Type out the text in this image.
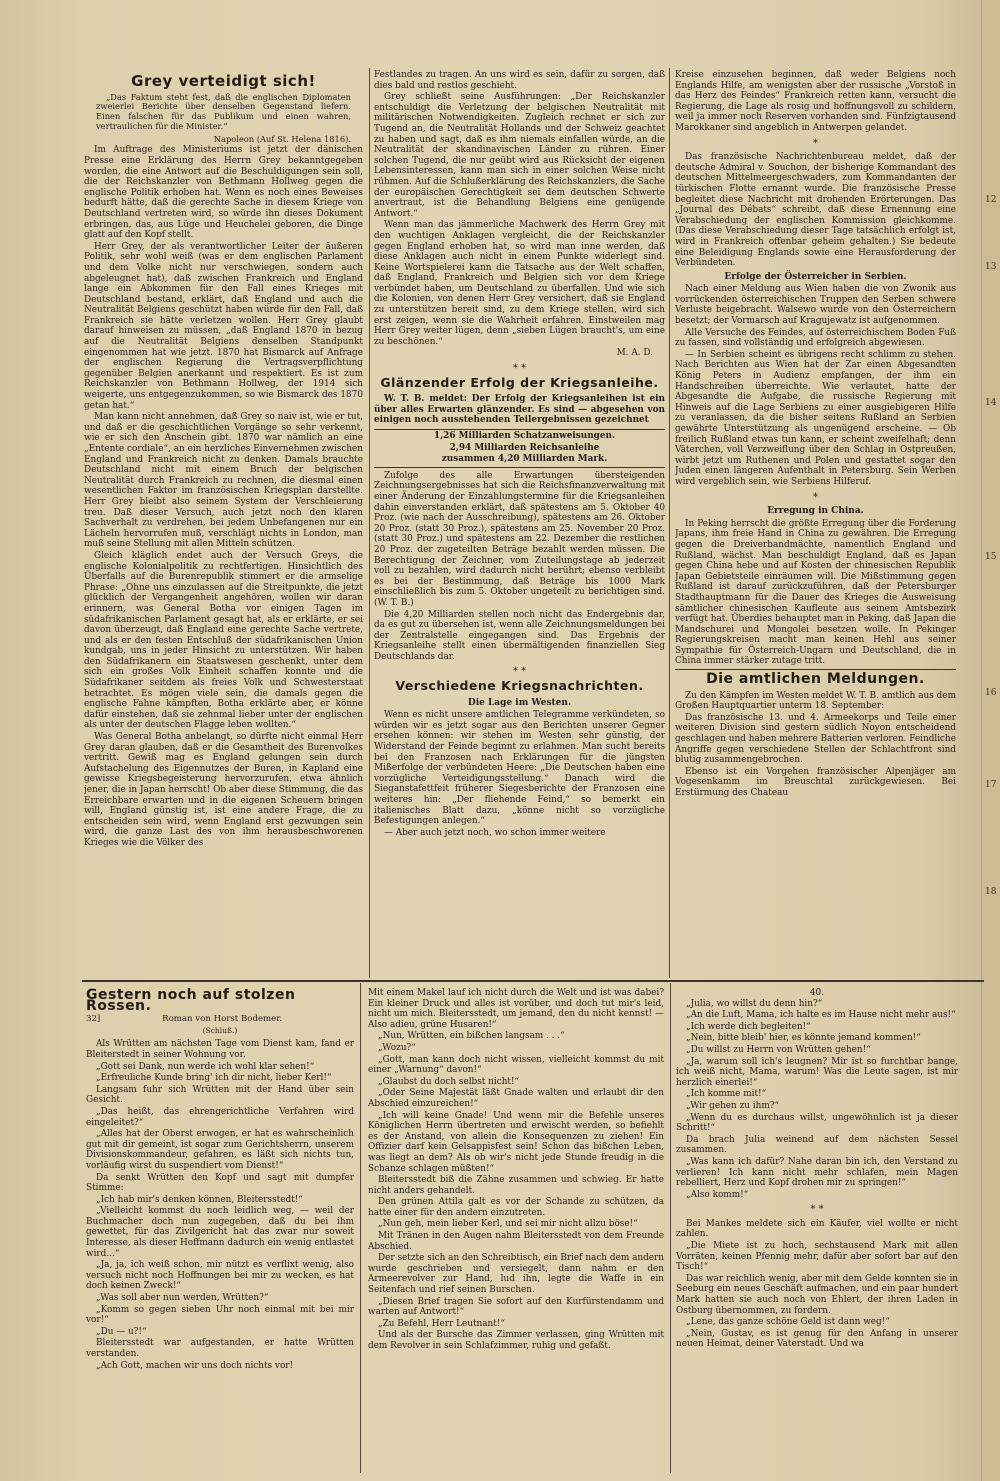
12
13
14
15
16
17
18
Grey verteidigt sich!

„Das Faktum steht fest, daß die englischen Diplomaten zweierlei Berichte über denselben Gegenstand liefern. Einen falschen für das Publikum und einen wahren, vertraulichen für die Minister.“

Napoleon (Auf St. Helena 1816).

Im Auftrage des Ministeriums ist jetzt der dänischen Presse eine Erklärung des Herrn Grey bekanntgegeben worden, die eine Antwort auf die Beschuldigungen sein soll, die der Reichskanzler von Bethmann Hollweg gegen die englische Politik erhoben hat. Wenn es noch eines Beweises bedurft hätte, daß die gerechte Sache in diesem Kriege von Deutschland vertreten wird, so würde ihn dieses Dokument erbringen, das, aus Lüge und Heuchelei geboren, die Dinge glatt auf den Kopf stellt.

Herr Grey, der als verantwortlicher Leiter der äußeren Politik, sehr wohl weiß (was er dem englischen Parlament und dem Volke nicht nur verschwiegen, sondern auch abgeleugnet hat), daß zwischen Frankreich und England lange ein Abkommen für den Fall eines Krieges mit Deutschland bestand, erklärt, daß England und auch die Neutralität Belgiens geschützt haben würde für den Fall, daß Frankreich sie hätte verletzen wollen. Herr Grey glaubt darauf hinweisen zu müssen, „daß England 1870 in bezug auf die Neutralität Belgiens denselben Standpunkt eingenommen hat wie jetzt. 1870 hat Bismarck auf Anfrage der englischen Regierung die Vertragsverpflichtung gegenüber Belgien anerkannt und respektiert. Es ist zum Reichskanzler von Bethmann Hollweg, der 1914 sich weigerte, uns entgegenzukommen, so wie Bismarck des 1870 getan hat.“

Man kann nicht annehmen, daß Grey so naiv ist, wie er tut, und daß er die geschichtlichen Vorgänge so sehr verkennt, wie er sich den Anschein gibt. 1870 war nämlich an eine „Entente cordiale“, an ein herzliches Einvernehmen zwischen England und Frankreich nicht zu denken. Damals brauchte Deutschland nicht mit einem Bruch der belgischen Neutralität durch Frankreich zu rechnen, die diesmal einen wesentlichen Faktor im französischen Kriegsplan darstellte. Herr Grey bleibt also seinem System der Verschleierung treu. Daß dieser Versuch, auch jetzt noch den klaren Sachverhalt zu verdrehen, bei jedem Unbefangenen nur ein Lächeln hervorrufen muß, verschlägt nichts in London, man muß seine Stellung mit allen Mitteln schützen.

Gleich kläglich endet auch der Versuch Greys, die englische Kolonialpolitik zu rechtfertigen. Hinsichtlich des Überfalls auf die Burenrepublik stimmert er die armselige Phrase: „Ohne uns einzulassen auf die Streitpunkte, die jetzt glücklich der Vergangenheit angehören, wollen wir daran erinnern, was General Botha vor einigen Tagen im südafrikanischen Parlament gesagt hat, als er erklärte, er sei davon überzeugt, daß England eine gerechte Sache vertrete, und als er den festen Entschluß der südafrikanischen Union kundgab, uns in jeder Hinsicht zu unterstützen. Wir haben den Südafrikanern ein Staatswesen geschenkt, unter dem sich ein großes Volk Einheit schaffen konnte und die Südafrikaner seitdem als freies Volk und Schwesterstaat betrachtet. Es mögen viele sein, die damals gegen die englische Fahne kämpften, Botha erklärte aber, er könne dafür einstehen, daß sie zehnmal lieber unter der englischen als unter der deutschen Flagge leben wollten.“

Was General Botha anbelangt, so dürfte nicht einmal Herr Grey daran glauben, daß er die Gesamtheit des Burenvolkes vertritt. Gewiß mag es England gelungen sein durch Aufstachelung des Eigennutzes der Buren, in Kapland eine gewisse Kriegsbegeisterung hervorzurufen, etwa ähnlich jener, die in Japan herrscht! Ob aber diese Stimmung, die das Erreichbare erwarten und in die eigenen Scheuern bringen will, England günstig ist, ist eine andere Frage, die zu entscheiden sein wird, wenn England erst gezwungen sein wird, die ganze Last des von ihm herausbeschworenen Krieges wie die Völker des

Festlandes zu tragen. An uns wird es sein, dafür zu sorgen, daß dies bald und restlos geschieht.

Grey schließt seine Ausführungen: „Der Reichskanzler entschuldigt die Verletzung der belgischen Neutralität mit militärischen Notwendigkeiten. Zugleich rechnet er sich zur Tugend an, die Neutralität Hollands und der Schweiz geachtet zu haben und sagt, daß es ihm niemals einfallen würde, an die Neutralität der skandinavischen Länder zu rühren. Einer solchen Tugend, die nur geübt wird aus Rücksicht der eigenen Lebensinteressen, kann man sich in einer solchen Weise nicht rühmen. Auf die Schlußerklärung des Reichskanzlers, die Sache der europäischen Gerechtigkeit sei dem deutschen Schwerte anvertraut, ist die Behandlung Belgiens eine genügende Antwort.“

Wenn man das jämmerliche Machwerk des Herrn Grey mit den wuchtigen Anklagen vergleicht, die der Reichskanzler gegen England erhoben hat, so wird man inne werden, daß diese Anklagen auch nicht in einem Punkte widerlegt sind. Keine Wortspielerei kann die Tatsache aus der Welt schaffen, daß England, Frankreich und Belgien sich vor dem Kriege verbündet haben, um Deutschland zu überfallen. Und wie sich die Kolonien, von denen Herr Grey versichert, daß sie England zu unterstützen bereit sind, zu dem Kriege stellen, wird sich erst zeigen, wenn sie die Wahrheit erfahren. Einstweilen mag Herr Grey weiter lügen, denn „sieben Lügen braucht's, um eine zu beschönen.“

M. A. D.

* *
Glänzender Erfolg der Kriegsanleihe.

W. T. B. meldet: Der Erfolg der Kriegsanleihen ist ein über alles Erwarten glänzender. Es sind — abgesehen von einigen noch ausstehenden Teilergebnissen gezeichnet

1,26 Milliarden Schatzanweisungen.

2,94 Milliarden Reichsanleihe

zusammen 4,20 Milliarden Mark.

Zufolge des alle Erwartungen übersteigenden Zeichnungsergebnisses hat sich die Reichsfinanzverwaltung mit einer Änderung der Einzahlungstermine für die Kriegsanleihen dahin einverstanden erklärt, daß spätestens am 5. Oktober 40 Proz. (wie nach der Ausschreibung), spätestens am 26. Oktober 20 Proz. (statt 30 Proz.), spätestens am 25. November 20 Proz. (statt 30 Proz.) und spätestens am 22. Dezember die restlichen 20 Proz. der zugeteilten Beträge bezahlt werden müssen. Die Berechtigung der Zeichner, vom Zuteilungstage ab jederzeit voll zu bezahlen, wird dadurch nicht berührt; ebenso verbleibt es bei der Bestimmung, daß Beträge bis 1000 Mark einschließlich bis zum 5. Oktober ungeteilt zu berichtigen sind. (W. T. B.)

Die 4,20 Milliarden stellen noch nicht das Endergebnis dar, da es gut zu übersehen ist, wenn alle Zeichnungsmeldungen bei der Zentralstelle eingegangen sind. Das Ergebnis der Kriegsanleihe stellt einen übermältigenden finanziellen Sieg Deutschlands dar.

* *
Verschiedene Kriegsnachrichten.
Die Lage im Westen.

Wenn es nicht unsere amtlichen Telegramme verkündeten, so würden wir es jetzt sogar aus den Berichten unserer Gegner ersehen können: wir stehen im Westen sehr günstig, der Widerstand der Feinde beginnt zu erlahmen. Man sucht bereits bei den Franzosen nach Erklärungen für die jüngsten Mißerfolge der verbündeten Heere: „Die Deutschen haben eine vorzügliche Verteidigungsstellung.“ Danach wird die Sieganstafettfeit früherer Siegesberichte der Franzosen eine weiteres hin: „Der fliehende Feind,“ so bemerkt ein italienisches Blatt dazu, „könne nicht so vorzügliche Befestigungen anlegen.“

— Aber auch jetzt noch, wo schon immer weitere

Kreise einzusehen beginnen, daß weder Belgiens noch Englands Hilfe, am wenigsten aber der russische „Vorstoß in das Herz des Feindes“ Frankreich retten kann, versucht die Regierung, die Lage als rosig und hoffnungsvoll zu schildern, weil ja immer noch Reserven vorhanden sind. Fünfzigtausend Marokkaner sind angeblich in Antwerpen gelandet.

*

Das französische Nachrichtenbureau meldet, daß der deutsche Admiral v. Souchon, der bisherige Kommandant des deutschen Mittelmeergeschwaders, zum Kommandanten der türkischen Flotte ernannt wurde. Die französische Presse begleitet diese Nachricht mit drohenden Erörterungen. Das „Journal des Débats“ schreibt, daß diese Ernennung eine Verabschiedung der englischen Kommission gleichkomme. (Das diese Verabschiedung dieser Tage tatsächlich erfolgt ist, wird in Frankreich offenbar geheim gehalten.) Sie bedeute eine Beleidigung Englands sowie eine Herausforderung der Verbündeten.

Erfolge der Österreicher in Serbien.

Nach einer Meldung aus Wien haben die von Zwonik aus vorrückenden österreichischen Truppen den Serben schwere Verluste beigebracht. Walsewo wurde von den Österreichern besetzt; der Vormarsch auf Kragujewatz ist aufgenommen.

Alle Versuche des Feindes, auf österreichischem Boden Fuß zu fassen, sind vollständig und erfolgreich abgewiesen.

— In Serbien scheint es übrigens recht schlimm zu stehen. Nach Berichten aus Wien hat der Zar einen Abgesandten König Peters in Audienz empfangen, der ihm ein Handschreiben überreichte. Wie verlautet, hatte der Abgesandte die Aufgabe, die russische Regierung mit Hinweis auf die Lage Serbiens zu einer ausgiebigeren Hilfe zu veranlassen, da die bisher seitens Rußland an Serbien gewährte Unterstützung als ungenügend erscheine. — Ob freilich Rußland etwas tun kann, er scheint zweifelhaft; denn Väterchen, voll Verzweiflung über den Schlag in Ostpreußen, wirbt jetzt um Ruthenen und Polen und gestattet sogar den Juden einen längeren Aufenthalt in Petersburg. Sein Werben wird vergeblich sein, wie Serbiens Hilferuf.

*
Erregung in China.

In Peking herrscht die größte Erregung über die Forderung Japans, ihm freie Hand in China zu gewähren. Die Erregung gegen die Dreiverbandmächte, namentlich England und Rußland, wächst. Man beschuldigt England, daß es Japan gegen China hebe und auf Kosten der chinesischen Republik Japan Gebietsteile einräumen will. Die Mißstimmung gegen Rußland ist darauf zurückzuführen, daß der Petersburger Stadthauptmann für die Dauer des Krieges die Ausweisung sämtlicher chinesischen Kaufleute aus seinem Amtsbezirk verfügt hat. Überdies behauptet man in Peking, daß Japan die Mandschurei und Mongolei besetzen wolle. In Pekinger Regierungskreisen macht man keinen Hehl aus seiner Sympathie für Österreich-Ungarn und Deutschland, die in China immer stärker zutage tritt.

Die amtlichen Meldungen.

Zu den Kämpfen im Westen meldet W. T. B. amtlich aus dem Großen Hauptquartier unterm 18. September:

Das französische 13. und 4. Armeekorps und Teile einer weiteren Division sind gestern südlich Noyon entscheidend geschlagen und haben mehrere Batterien verloren. Feindliche Angriffe gegen verschiedene Stellen der Schlachtfront sind blutig zusammengebrochen.

Ebenso ist ein Vorgehen französischer Alpenjäger am Vogesenkamm im Breuschtal zurückgewiesen. Bei Erstürmung des Chateau

Gestern noch auf stolzen Rossen.
32]	Roman von Horst Bodemer.
(Schluß.)

Als Wrütten am nächsten Tage vom Dienst kam, fand er Bleiterstedt in seiner Wohnung vor.

„Gott sei Dank, nun werde ich wohl klar sehen!“

„Erfreuliche Kunde bring' ich dir nicht, lieber Kerl!“

Langsam fuhr sich Wrütten mit der Hand über sein Gesicht.

„Das heißt, das ehrengerichtliche Verfahren wird eingeleitet?“

„Alles hat der Oberst erwogen, er hat es wahrscheinlich gut mit dir gemeint, ist sogar zum Gerichtsherrn, unserem Divisionskommandeur, gefahren, es läßt sich nichts tun, vorläufig wirst du suspendiert vom Dienst!“

Da senkt Wrütten den Kopf und sagt mit dumpfer Stimme:

„Ich hab mir's denken können, Bleitersstedt!“

„Vielleicht kommst du noch leidlich weg, — weil der Buchmacher doch nun zugegeben, daß du bei ihm gewettet, für das Zivilgericht hat das zwar nur soweit Interesse, als dieser Hoffmann dadurch ein wenig entlastet wird...“

„Ja, ja, ich weiß schon, mir nützt es verflixt wenig, also versuch nicht noch Hoffnungen bei mir zu wecken, es hat doch keinen Zweck!“

„Was soll aber nun werden, Wrütten?“

„Komm so gegen sieben Uhr noch einmal mit bei mir vor!“

„Du — u?!“

Bleitersstedt war aufgestanden, er hatte Wrütten verstanden.

„Ach Gott, machen wir uns doch nichts vor!

Mit einem Makel lauf ich nicht durch die Welt und ist was dabei? Ein kleiner Druck und alles ist vorüber, und doch tut mir's leid, nicht um mich. Bleitersstedt, um jemand, den du nicht kennst! — Also adieu, grüne Husaren!“

„Nun, Wrütten, ein bißchen langsam . . .“

„Wozu?“

„Gott, man kann doch nicht wissen, vielleicht kommst du mit einer „Warnung“ davon!“

„Glaubst du doch selbst nicht!“

„Oder Seine Majestät läßt Gnade walten und erlaubt dir den Abschied einzureichen!“

„Ich will keine Gnade! Und wenn mir die Befehle unseres Königlichen Herrn übertreten und erwischt werden, so befiehlt es der Anstand, von allein die Konsequenzen zu ziehen! Ein Offizier darf kein Gelsappisfest sein! Schon das bißchen Leben, was liegt an dem? Als ob wir's nicht jede Stunde freudig in die Schanze schlagen müßten!“

Bleitersstedt biß die Zähne zusammen und schwieg. Er hatte nicht anders gehandelt.

Den grünen Attila galt es vor der Schande zu schützen, da hatte einer für den andern einzutreten.

„Nun geh, mein lieber Kerl, und sei mir nicht allzu böse!“

Mit Tränen in den Augen nahm Bleitersstedt von dem Freunde Abschied.

Der setzte sich an den Schreibtisch, ein Brief nach dem andern wurde geschrieben und versiegelt, dann nahm er den Armeerevolver zur Hand, lud ihn, legte die Waffe in ein Seitenfach und rief seinen Burschen.

„Diesen Brief tragen Sie sofort auf den Kurfürstendamm und warten auf Antwort!“

„Zu Befehl, Herr Leutnant!“

Und als der Bursche das Zimmer verlassen, ging Wrütten mit dem Revolver in sein Schlafzimmer, ruhig und gefaßt.

40.

„Julia, wo willst du denn hin?“

„An die Luft, Mama, ich halte es im Hause nicht mehr aus!“

„Ich werde dich begleiten!“

„Nein, bitte bleib' hier, es könnte jemand kommen!“

„Du willst zu Herrn von Wrütten gehen!“

„Ja, warum soll ich's leugnen? Mir ist so furchtbar bange, ich weiß nicht, Mama, warum! Was die Leute sagen, ist mir herzlich einerlei!“

„Ich komme mit!“

„Wir gehen zu ihm?“

„Wenn du es durchaus willst, ungewöhnlich ist ja dieser Schritt!“

Da brach Julia weinend auf dem nächsten Sessel zusammen.

„Was kann ich dafür? Nahe daran bin ich, den Verstand zu verlieren! Ich kann nicht mehr schlafen, mein Magen rebelliert, Herz und Kopf drohen mir zu springen!“

„Also komm!“

* *

Bei Mankes meldete sich ein Käufer, viel wollte er nicht zahlen.

„Die Miete ist zu hoch, sechstausend Mark mit allen Vorräten, keinen Pfennig mehr, dafür aber sofort bar auf den Tisch!“

Das war reichlich wenig, aber mit dem Gelde konnten sie in Seeburg ein neues Geschäft aufmachen, und ein paar hundert Mark hatten sie auch noch von Ehlert, der ihren Laden in Ostburg übernommen, zu fordern.

„Lene, das ganze schöne Geld ist dann weg!“

„Nein, Gustav, es ist genug für den Anfang in unserer neuen Heimat, deiner Vaterstadt. Und wa
